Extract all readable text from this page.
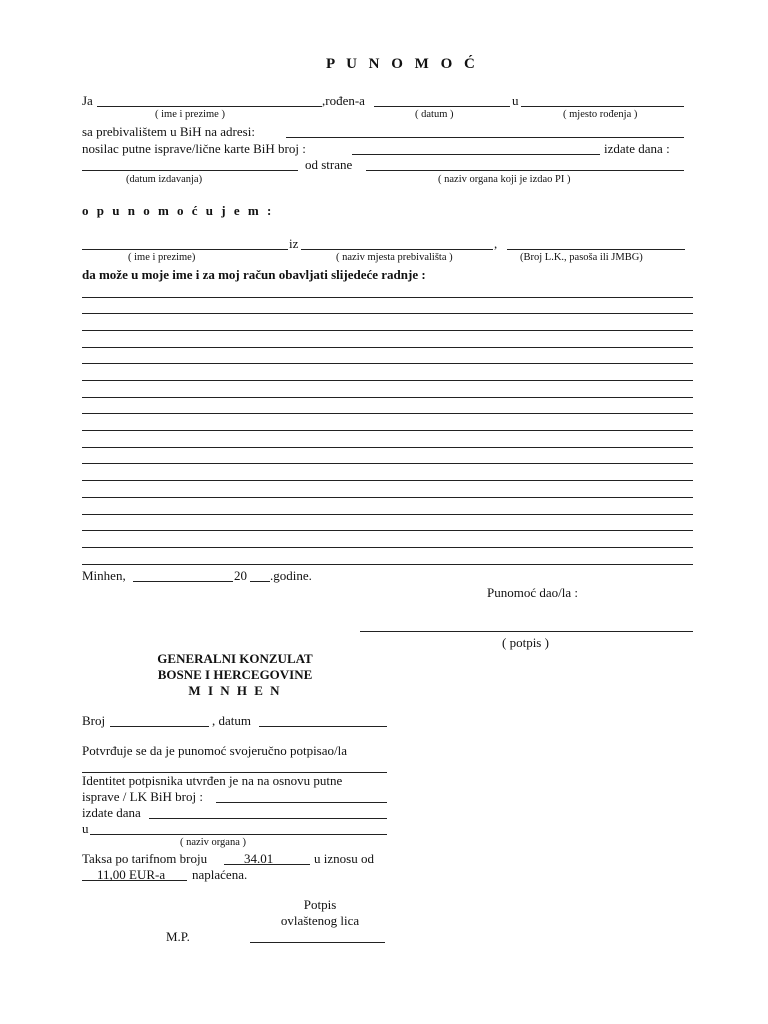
P U N O M O Ć
Ja	,rođen-a	u
( ime i prezime )	( datum )	( mjesto rođenja )
sa prebivalištem u BiH na adresi:
nosilac putne isprave/lične karte BiH broj :	izdate dana :
od strane
(datum izdavanja)	( naziv organa koji je izdao PI )
o p u n o m o ć u j e m :
iz	,
( ime i prezime)	( naziv mjesta prebivališta )	(Broj L.K., pasoša ili JMBG)
da može u moje ime i za moj račun obavljati slijedeće radnje :
Minhen,	20 .godine.
Punomoć dao/la :
( potpis )
GENERALNI KONZULAT
BOSNE I HERCEGOVINE
M I N H E N
Broj	, datum
Potvrđuje se da je punomoć svojeručno potpisao/la
Identitet potpisnika utvrđen je na na osnovu putne
isprave / LK BiH broj :
izdate dana
u
( naziv organa )
Taksa po tarifnom broju	34.01	u iznosu od
11,00 EUR-a naplaćena.
Potpis
ovlaštenog lica
M.P.
